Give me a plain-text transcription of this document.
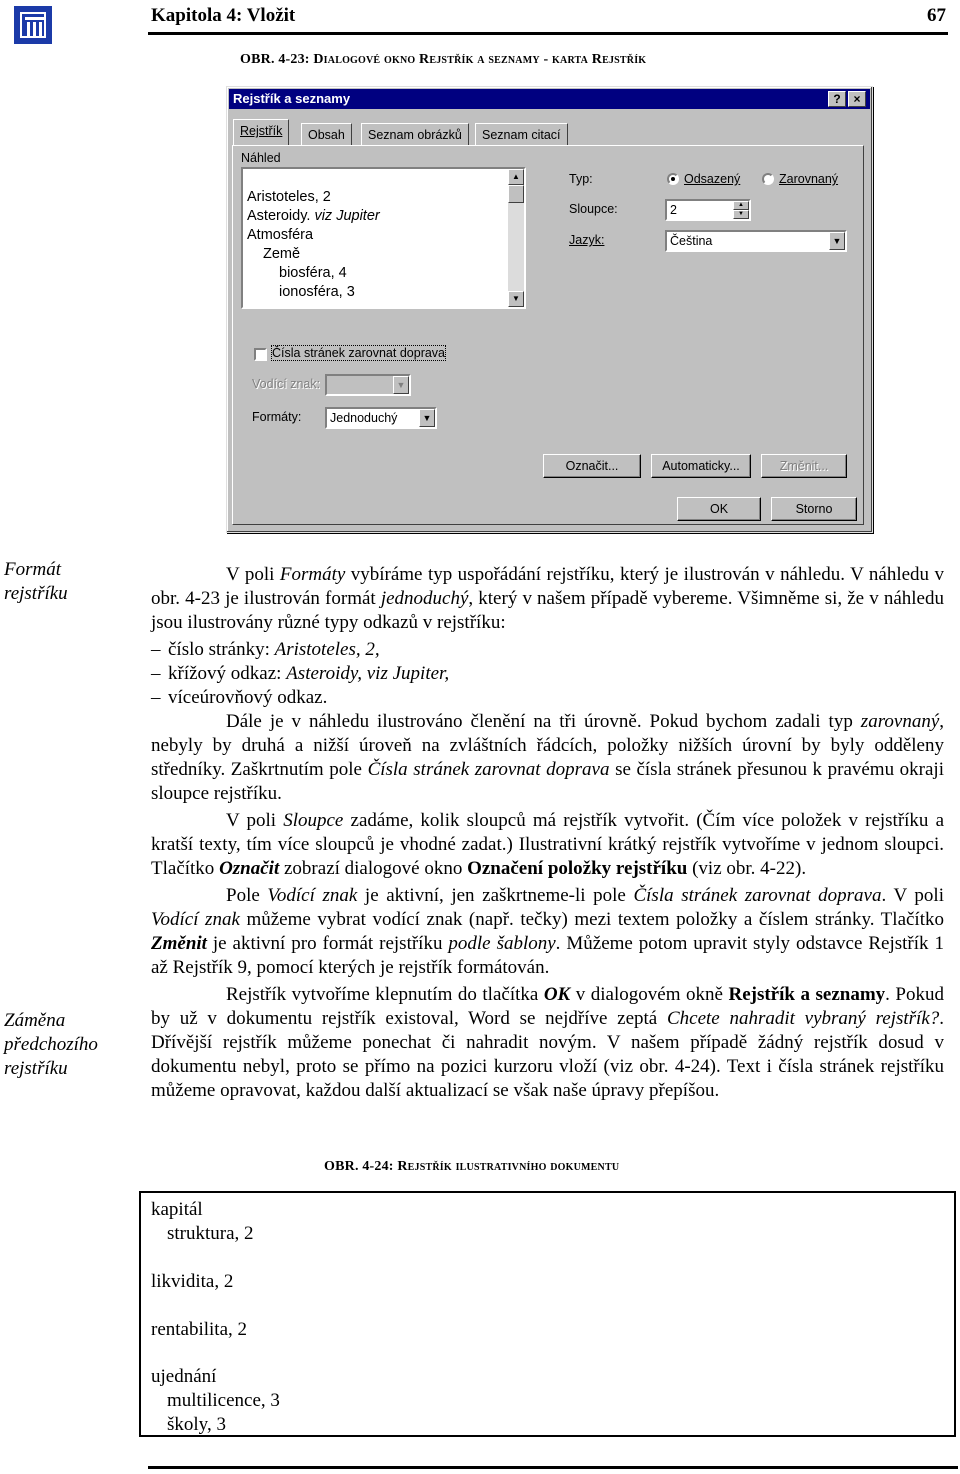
Kapitola 4: Vložit	67
OBR. 4-23: Dialogové okno Rejstřík a seznamy - karta Rejstřík
Rejstřík a seznamy	?	×
Rejstřík	Obsah	Seznam obrázků	Seznam citací
Náhled
Aristoteles, 2
Asteroidy. viz Jupiter
Atmosféra
Země
biosféra, 4
ionosféra, 3
▲
▼
Typ:	Odsazený	Zarovnaný
Sloupce:	2	▲
▼
Jazyk:	Čeština	▼
Čísla stránek zarovnat doprava
Vodící znak:	▼
Formáty: Jednoduchý	▼
Označit...	Automaticky...	Změnit...
OK	Storno
Formát
rejstříku
Záměna
předchozího
rejstříku

V poli Formáty vybíráme typ uspořádání rejstříku, který je ilustrován v náhledu. V náhledu v obr. 4-23 je ilustrován formát jednoduchý, který v našem případě vybereme. Všimněme si, že v náhledu jsou ilustrovány různé typy odkazů v rejstříku:

– číslo stránky: Aristoteles, 2,
– křížový odkaz: Asteroidy, viz Jupiter,
– víceúrovňový odkaz.

Dále je v náhledu ilustrováno členění na tři úrovně. Pokud bychom zadali typ zarovnaný, nebyly by druhá a nižší úroveň na zvláštních řádcích, položky nižších úrovní by byly odděleny středníky. Zaškrtnutím pole Čísla stránek zarovnat doprava se čísla stránek přesunou k pravému okraji sloupce rejstříku.

V poli Sloupce zadáme, kolik sloupců má rejstřík vytvořit. (Čím více položek v rejstříku a kratší texty, tím více sloupců je vhodné zadat.) Ilustrativní krátký rejstřík vytvoříme v jednom sloupci. Tlačítko Označit zobrazí dialogové okno Označení položky rejstříku (viz obr. 4-22).

Pole Vodící znak je aktivní, jen zaškrtneme-li pole Čísla stránek zarovnat doprava. V poli Vodící znak můžeme vybrat vodící znak (např. tečky) mezi textem položky a číslem stránky. Tlačítko Změnit je aktivní pro formát rejstříku podle šablony. Můžeme potom upravit styly odstavce Rejstřík 1 až Rejstřík 9, pomocí kterých je rejstřík formátován.

Rejstřík vytvoříme klepnutím do tlačítka OK v dialogovém okně Rejstřík a seznamy. Pokud by už v dokumentu rejstřík existoval, Word se nejdříve zeptá Chcete nahradit vybraný rejstřík?. Dřívější rejstřík můžeme ponechat či nahradit novým. V našem případě žádný rejstřík dosud v dokumentu nebyl, proto se přímo na pozici kurzoru vloží (viz obr. 4-24). Text i čísla stránek rejstříku můžeme opravovat, každou další aktualizací se však naše úpravy přepíšou.

OBR. 4-24: Rejstřík ilustrativního dokumentu
kapitál
struktura, 2
likvidita, 2
rentabilita, 2
ujednání
multilicence, 3
školy, 3
